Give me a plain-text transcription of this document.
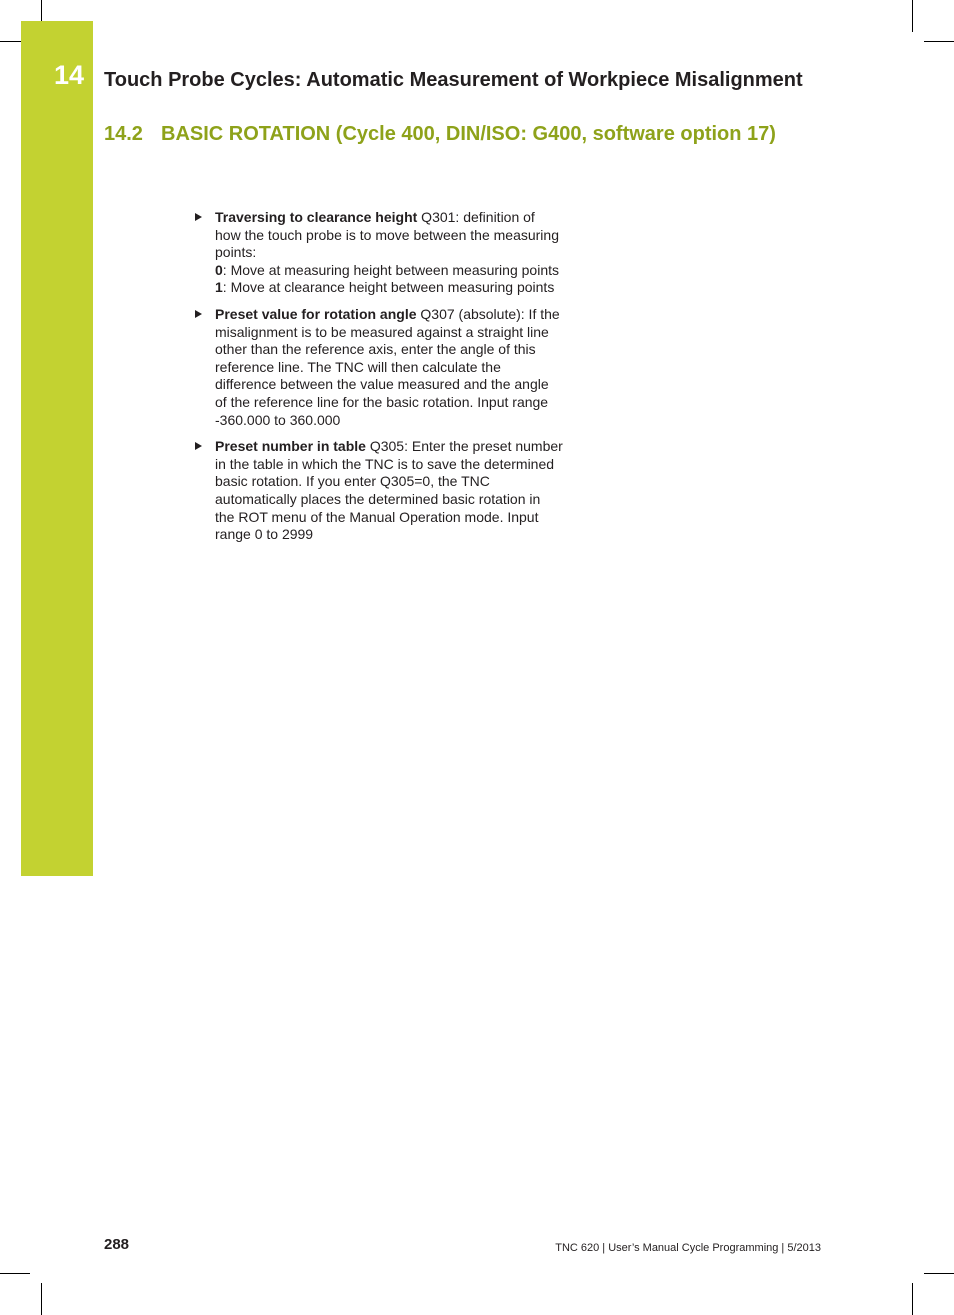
14 Touch Probe Cycles: Automatic Measurement of Workpiece Misalignment
14.2 BASIC ROTATION (Cycle 400, DIN/ISO: G400, software option 17)
Traversing to clearance height Q301: definition of how the touch probe is to move between the measuring points:
0: Move at measuring height between measuring points
1: Move at clearance height between measuring points
Preset value for rotation angle Q307 (absolute): If the misalignment is to be measured against a straight line other than the reference axis, enter the angle of this reference line. The TNC will then calculate the difference between the value measured and the angle of the reference line for the basic rotation. Input range -360.000 to 360.000
Preset number in table Q305: Enter the preset number in the table in which the TNC is to save the determined basic rotation. If you enter Q305=0, the TNC automatically places the determined basic rotation in the ROT menu of the Manual Operation mode. Input range 0 to 2999
288	TNC 620 | User’s Manual Cycle Programming | 5/2013
